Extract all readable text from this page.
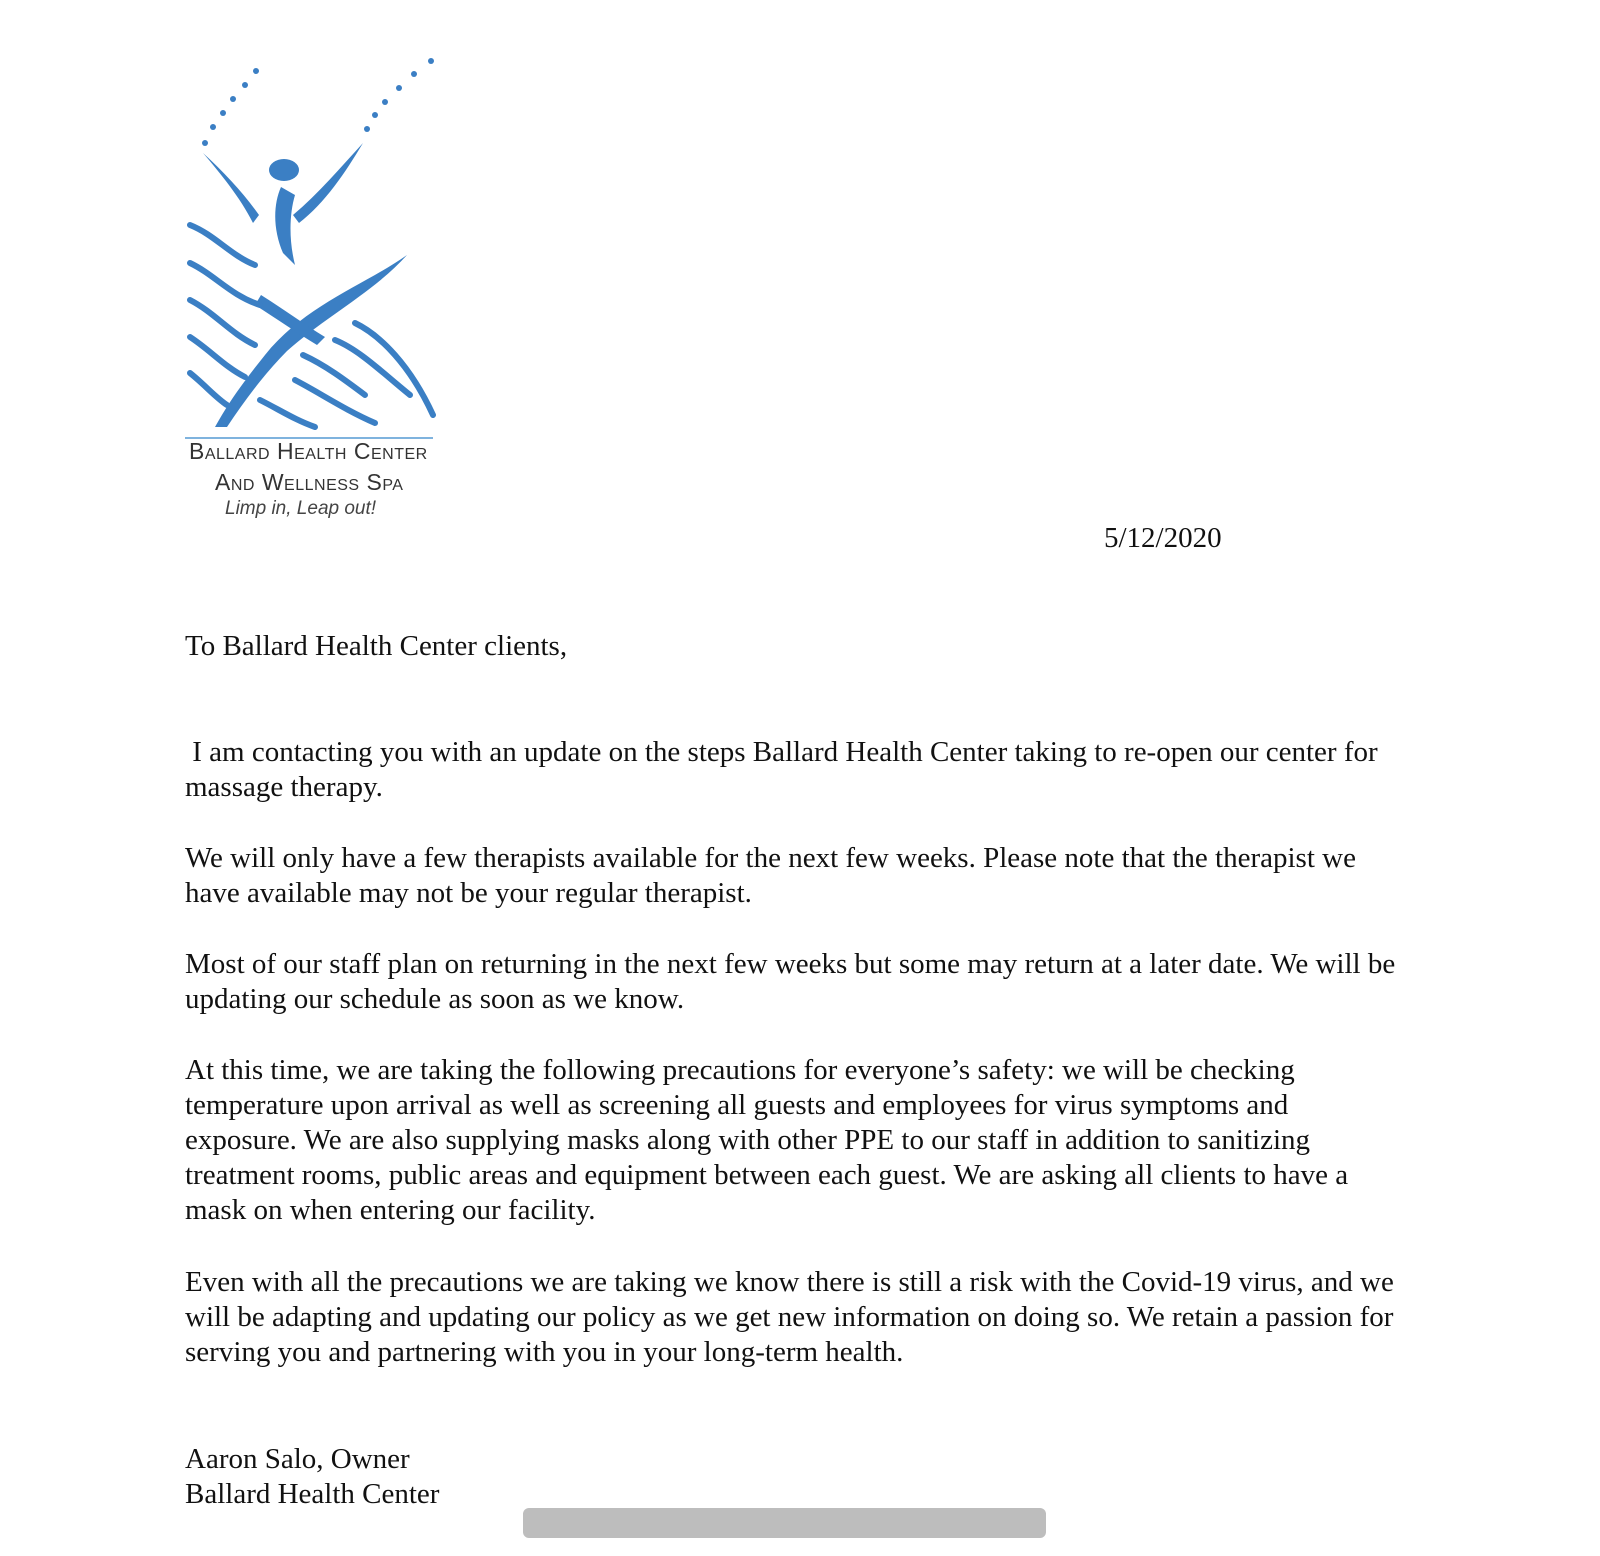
Ballard Health Center
And Wellness Spa
Limp in, Leap out!
5/12/2020
To Ballard Health Center clients,

I am contacting you with an update on the steps Ballard Health Center taking to re-open our center for massage therapy.

We will only have a few therapists available for the next few weeks. Please note that the therapist we have available may not be your regular therapist.

Most of our staff plan on returning in the next few weeks but some may return at a later date. We will be updating our schedule as soon as we know.

At this time, we are taking the following precautions for everyone’s safety: we will be checking temperature upon arrival as well as screening all guests and employees for virus symptoms and exposure. We are also supplying masks along with other PPE to our staff in addition to sanitizing treatment rooms, public areas and equipment between each guest. We are asking all clients to have a mask on when entering our facility.

Even with all the precautions we are taking we know there is still a risk with the Covid-19 virus, and we will be adapting and updating our policy as we get new information on doing so. We retain a passion for serving you and partnering with you in your long-term health.

Aaron Salo, Owner

Ballard Health Center
